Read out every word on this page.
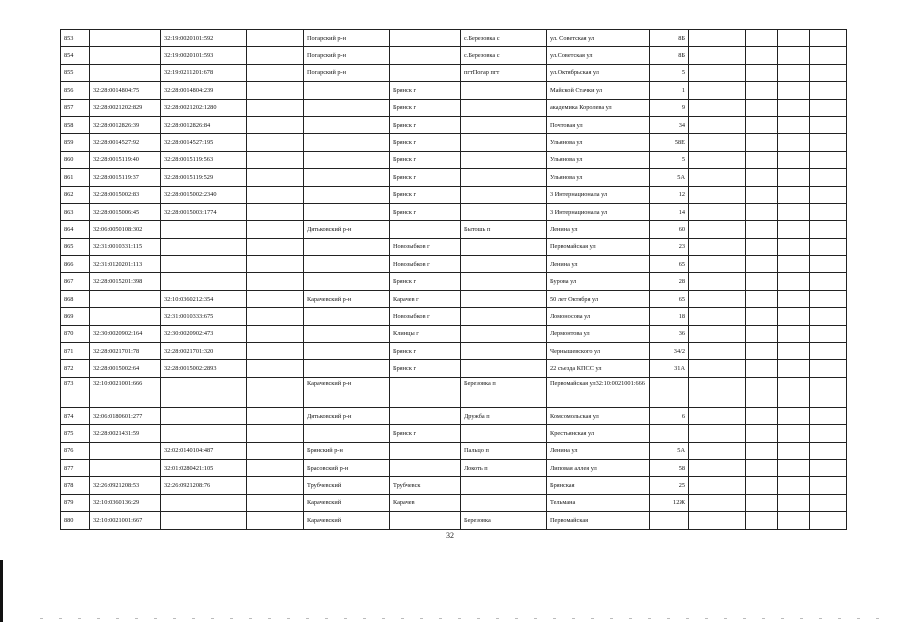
853		32:19:0020101:592		Погарский р-н		с.Березовка с	ул. Советская ул	8Б				
854		32:19:0020101:593		Погарский р-н		с.Березовка с	ул.Советская ул	8Б				
855		32:19:0211201:678		Погарский р-н		пгтПогар пгт	ул.Октябрьская ул	5				
856	32:28:0014804:75	32:28:0014804:239			Брянск г		Майской Стачки ул	1				
857	32:28:0021202:829	32:28:0021202:1280			Брянск г		академика Королева ул	9				
858	32:28:0012826:39	32:28:0012826:84			Брянск г		Почтовая ул	34				
859	32:28:0014527:92	32:28:0014527:195			Брянск г		Ульянова ул	58Е				
860	32:28:0015119:40	32:28:0015119:563			Брянск г		Ульянова ул	5				
861	32:28:0015119:37	32:28:0015119:529			Брянск г		Ульянова ул	5А				
862	32:28:0015002:83	32:28:0015002:2340			Брянск г		3 Интернационала ул	12				
863	32:28:0015006:45	32:28:0015003:1774			Брянск г		3 Интернационала ул	14				
864	32:06:0050108:302			Дятьковский р-н		Бытошь п	Ленина ул	60				
865	32:31:0010331:115				Новозыбков г		Первомайская ул	23				
866	32:31:0120201:113				Новозыбков г		Ленина ул	65				
867	32:28:0015201:398				Брянск г		Бурова ул	28				
868		32:10:0360212:354		Карачевский р-н	Карачев г		50 лет Октября ул	65				
869		32:31:0010333:675			Новозыбков г		Ломоносова ул	18				
870	32:30:0020902:164	32:30:0020902:473			Клинцы г		Лермонтова ул	36				
871	32:28:0021701:78	32:28:0021701:320			Брянск г		Чернышевского ул	34/2				
872	32:28:0015002:64	32:28:0015002:2893			Брянск г		22 съезда КПСС ул	31А				
873	32:10:0021001:666			Карачевский р-н		Березовка п	Первомайская ул32:10:0021001:666					
874	32:06:0180601:277			Дятьковский р-н		Дружба п	Комсомольская ул	6				
875	32:28:0021431:59				Брянск г		Крестьянская ул					
876		32:02:0140104:487		Брянский р-н		Пальцо п	Ленина ул	5А				
877		32:01:0280421:105		Брасовский р-н		Локоть п	Липовая аллея ул	58				
878	32:26:0921208:53	32:26:0921208:76		Трубчевский	Трубчевск		Брянская	25				
879	32:10:0360136:29			Карачевский	Карачев		Тельмана	12Ж				
880	32:10:0021001:667			Карачевский		Березовка	Первомайская					
32
